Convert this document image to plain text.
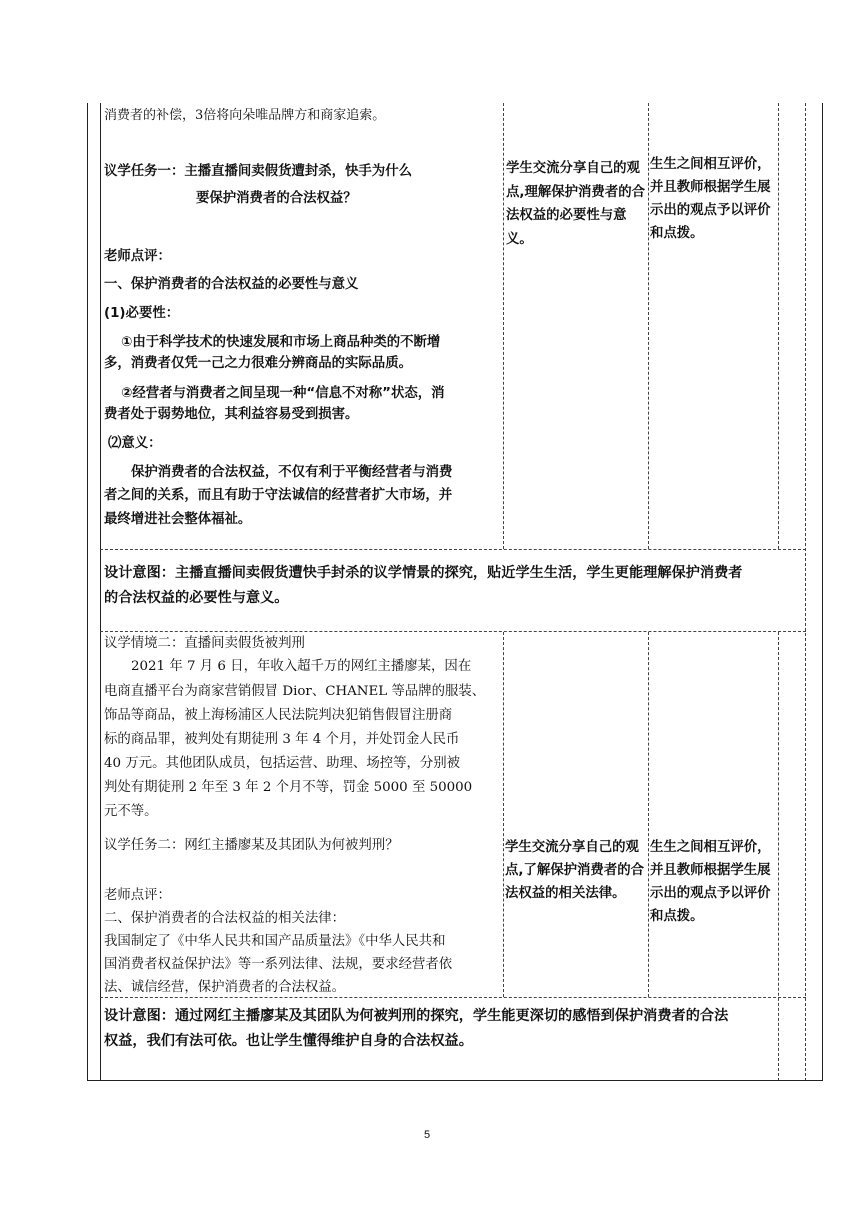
消费者的补偿，3倍将向朵唯品牌方和商家追索。
议学任务一：主播直播间卖假货遭封杀，快手为什么
要保护消费者的合法权益？
老师点评：
一、保护消费者的合法权益的必要性与意义
(1)必要性：
①由于科学技术的快速发展和市场上商品种类的不断增
多，消费者仅凭一己之力很难分辨商品的实际品质。
②经营者与消费者之间呈现一种“信息不对称”状态，消
费者处于弱势地位，其利益容易受到损害。
⑵意义：
保护消费者的合法权益，不仅有利于平衡经营者与消费
者之间的关系，而且有助于守法诚信的经营者扩大市场，并
最终增进社会整体福祉。
学生交流分享自己的观点,理解保护消费者的合法权益的必要性与意义。
生生之间相互评价，并且教师根据学生展示出的观点予以评价和点拨。

设计意图：主播直播间卖假货遭快手封杀的议学情景的探究，贴近学生生活，学生更能理解保护消费者

的合法权益的必要性与意义。

议学情境二：直播间卖假货被判刑
2021 年 7 月 6 日，年收入超千万的网红主播廖某，因在
电商直播平台为商家营销假冒 Dior、CHANEL 等品牌的服装、
饰品等商品，被上海杨浦区人民法院判决犯销售假冒注册商
标的商品罪，被判处有期徒刑 3 年 4 个月，并处罚金人民币
40 万元。其他团队成员，包括运营、助理、场控等，分别被
判处有期徒刑 2 年至 3 年 2 个月不等，罚金 5000 至 50000
元不等。
议学任务二：网红主播廖某及其团队为何被判刑？
老师点评：
二、保护消费者的合法权益的相关法律：
我国制定了《中华人民共和国产品质量法》《中华人民共和
国消费者权益保护法》等一系列法律、法规，要求经营者依
法、诚信经营，保护消费者的合法权益。
学生交流分享自己的观点,了解保护消费者的合法权益的相关法律。
生生之间相互评价，并且教师根据学生展示出的观点予以评价和点拨。

设计意图：通过网红主播廖某及其团队为何被判刑的探究，学生能更深切的感悟到保护消费者的合法

权益，我们有法可依。也让学生懂得维护自身的合法权益。

5
